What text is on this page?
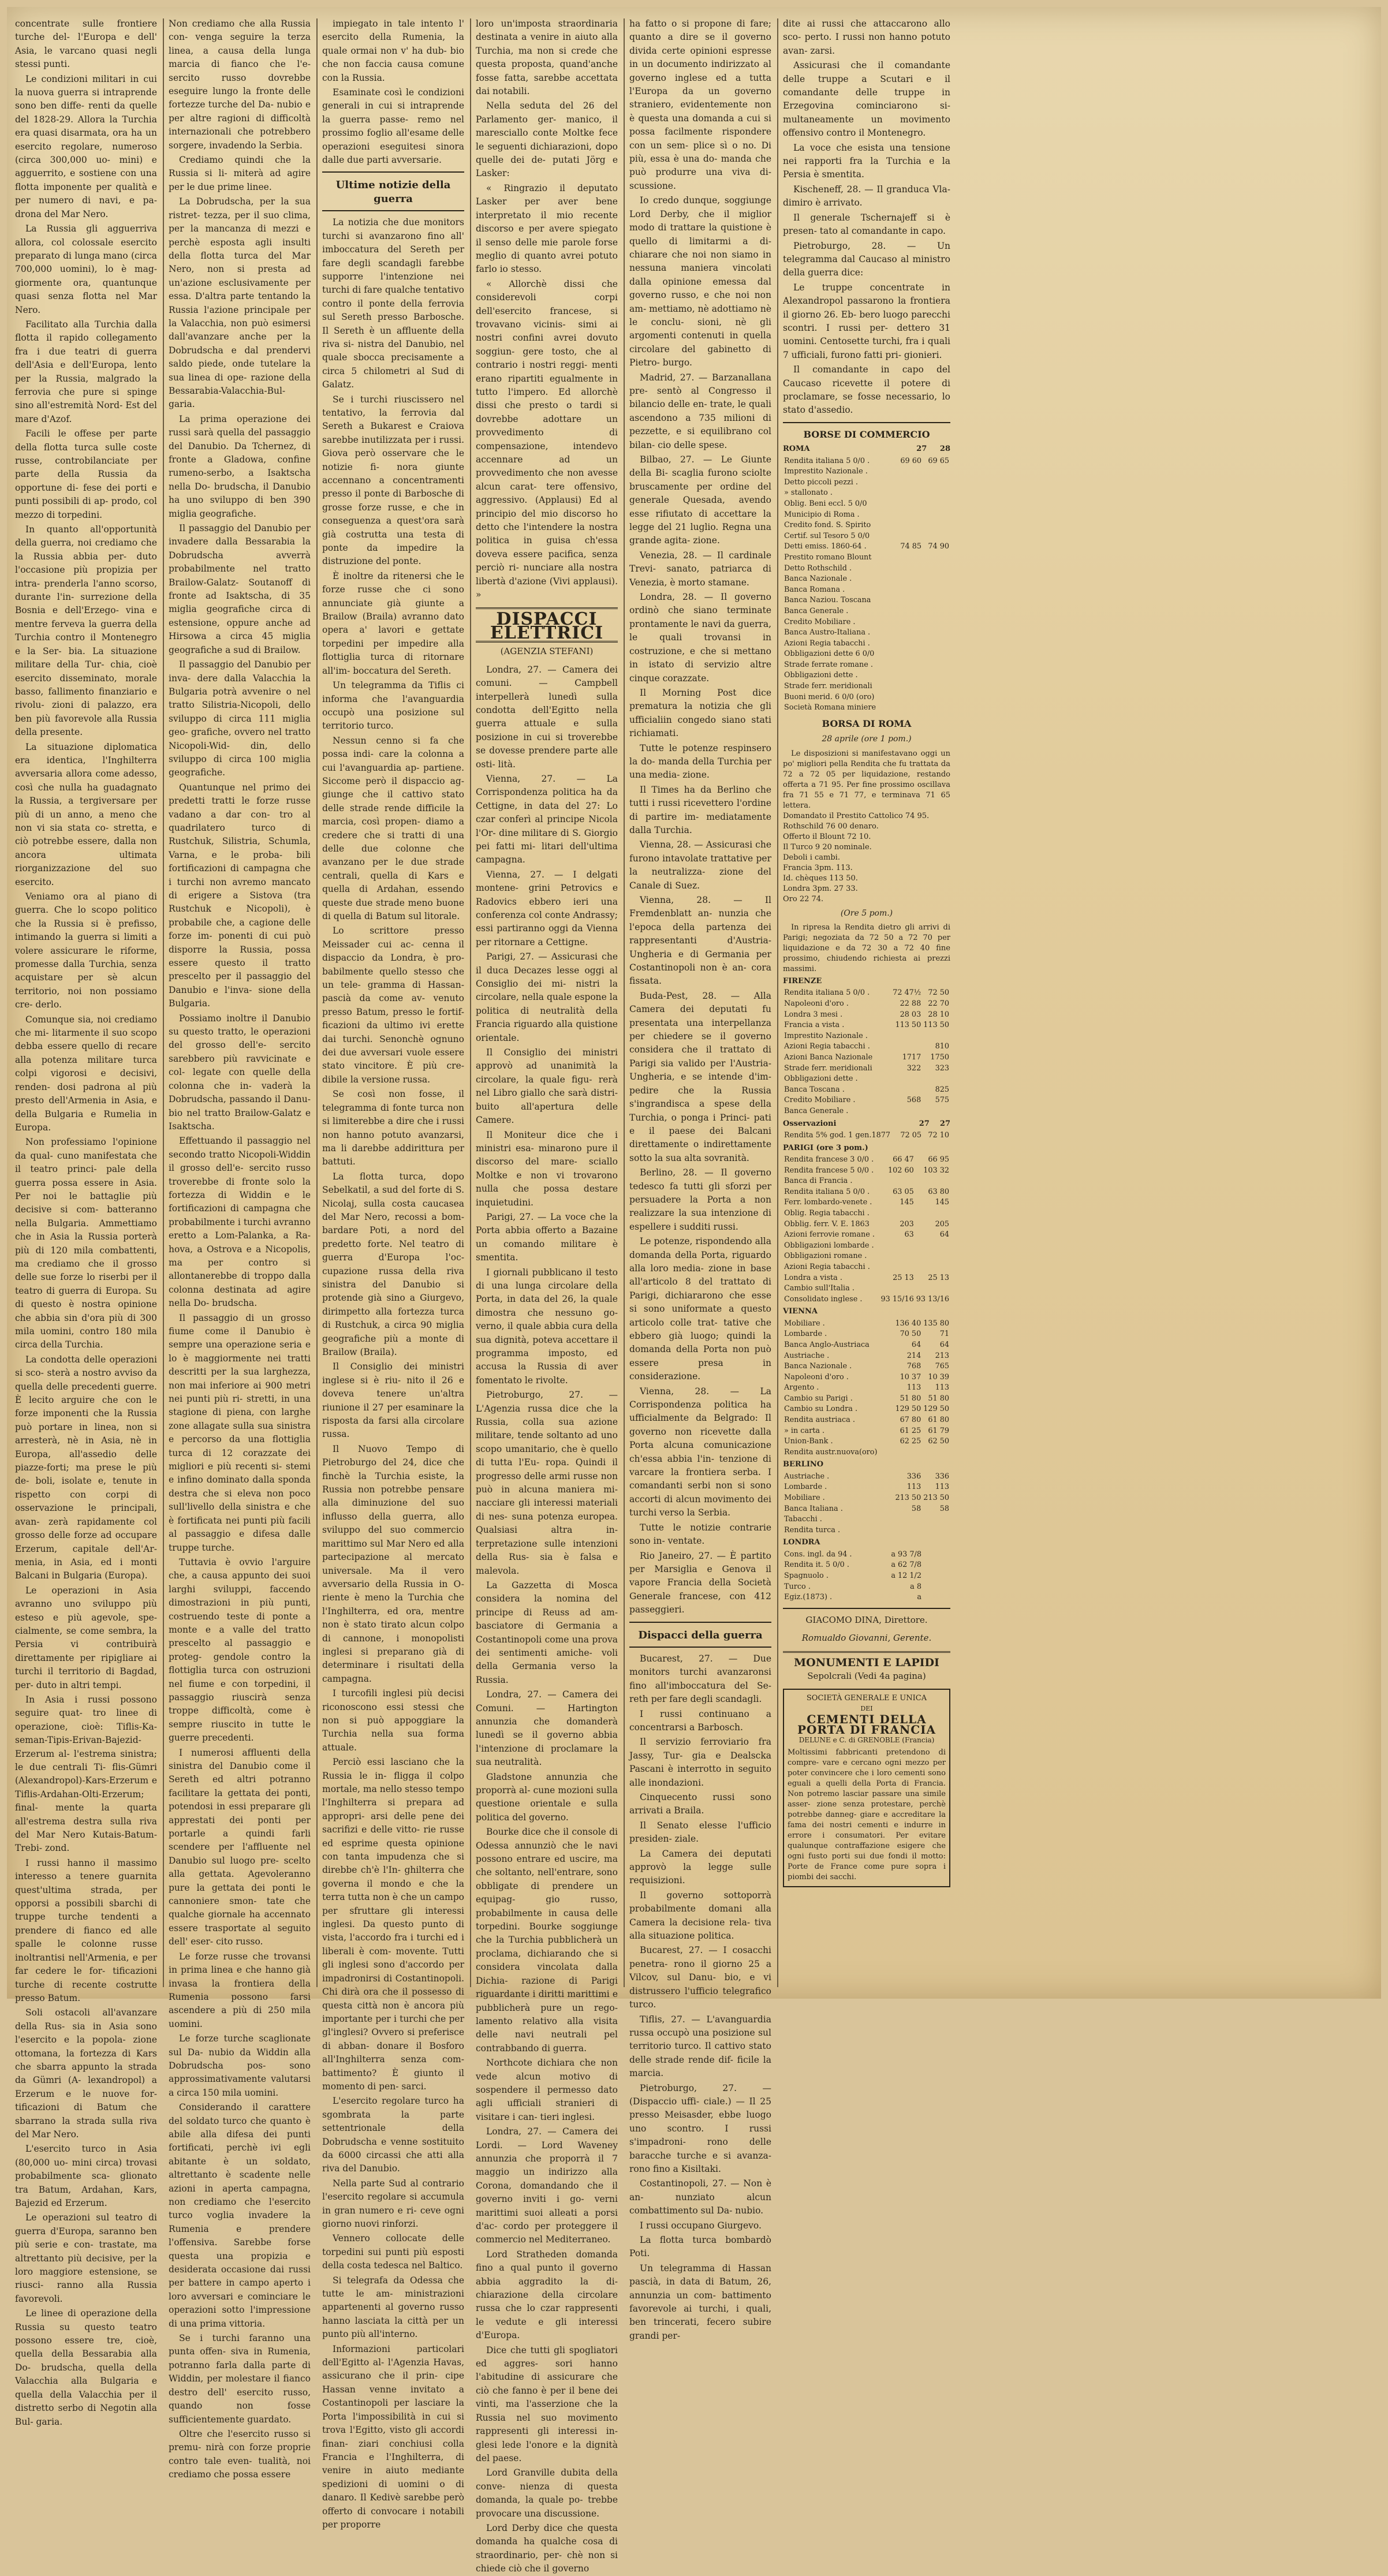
concentrate sulle frontiere turche del- l'Europa e dell' Asia, le varcano quasi negli stessi punti.

Le condizioni militari in cui la nuova guerra si intraprende sono ben diffe- renti da quelle del 1828-29. Allora la Turchia era quasi disarmata, ora ha un esercito regolare, numeroso (circa 300,000 uo- mini) e agguerrito, e sostiene con una flotta imponente per qualità e per numero di navi, e pa- drona del Mar Nero.

La Russia gli agguerriva allora, col colossale esercito preparato di lunga mano (circa 700,000 uomini), lo è mag- giormente ora, quantunque quasi senza flotta nel Mar Nero.

Facilitato alla Turchia dalla flotta il rapido collegamento fra i due teatri di guerra dell'Asia e dell'Europa, lento per la Russia, malgrado la ferrovia che pure si spinge sino all'estremità Nord- Est del mare d'Azof.

Facili le offese per parte della flotta turca sulle coste russe, controbilanciate per parte della Russia da opportune di- fese dei porti e punti possibili di ap- prodo, col mezzo di torpedini.

In quanto all'opportunità della guerra, noi crediamo che la Russia abbia per- duto l'occasione più propizia per intra- prenderla l'anno scorso, durante l'in- surrezione della Bosnia e dell'Erzego- vina e mentre ferveva la guerra della Turchia contro il Montenegro e la Ser- bia. La situazione militare della Tur- chia, cioè esercito disseminato, morale basso, fallimento finanziario e rivolu- zioni di palazzo, era ben più favorevole alla Russia della presente.

La situazione diplomatica era identica, l'Inghilterra avversaria allora come adesso, così che nulla ha guadagnato la Russia, a tergiversare per più di un anno, a meno che non vi sia stata co- stretta, e ciò potrebbe essere, dalla non ancora ultimata riorganizzazione del suo esercito.

Veniamo ora al piano di guerra. Che lo scopo politico che la Russia si è prefisso, intimando la guerra si limiti a volere assicurare le riforme, promesse dalla Turchia, senza acquistare per sè alcun territorio, noi non possiamo cre- derlo.

Comunque sia, noi crediamo che mi- litarmente il suo scopo debba essere quello di recare alla potenza militare turca colpi vigorosi e decisivi, renden- dosi padrona al più presto dell'Armenia in Asia, e della Bulgaria e Rumelia in Europa.

Non professiamo l'opinione da qual- cuno manifestata che il teatro princi- pale della guerra possa essere in Asia. Per noi le battaglie più decisive si com- batteranno nella Bulgaria. Ammettiamo che in Asia la Russia porterà più di 120 mila combattenti, ma crediamo che il grosso delle sue forze lo riserbi per il teatro di guerra di Europa. Su di questo è nostra opinione che abbia sin d'ora più di 300 mila uomini, contro 180 mila circa della Turchia.

La condotta delle operazioni si sco- sterà a nostro avviso da quella delle precedenti guerre. È lecito arguire che con le forze imponenti che la Russia può portare in linea, non si arresterà, nè in Asia, nè in Europa, all'assedio delle piazze-forti; ma prese le più de- boli, isolate e, tenute in rispetto con corpi di osservazione le principali, avan- zerà rapidamente col grosso delle forze ad occupare Erzerum, capitale dell'Ar- menia, in Asia, ed i monti Balcani in Bulgaria (Europa).

Le operazioni in Asia avranno uno sviluppo più esteso e più agevole, spe- cialmente, se come sembra, la Persia vi contribuirà direttamente per ripigliare ai turchi il territorio di Bagdad, per- duto in altri tempi.

In Asia i russi possono seguire quat- tro linee di operazione, cioè: Tiflis-Ka- seman-Tipis-Erivan-Bajezid-Erzerum al- l'estrema sinistra; le due centrali Ti- flis-Gümri (Alexandropol)-Kars-Erzerum e Tiflis-Ardahan-Olti-Erzerum; final- mente la quarta all'estrema destra sulla riva del Mar Nero Kutais-Batum-Trebi- zond.

I russi hanno il massimo interesso a tenere guarnita quest'ultima strada, per opporsi a possibili sbarchi di truppe turche tendenti a prendere di fianco ed alle spalle le colonne russe inoltrantisi nell'Armenia, e per far cedere le for- tificazioni turche di recente costrutte presso Batum.

Soli ostacoli all'avanzare della Rus- sia in Asia sono l'esercito e la popola- zione ottomana, la fortezza di Kars che sbarra appunto la strada da Gümri (A- lexandropol) a Erzerum e le nuove for- tificazioni di Batum che sbarrano la strada sulla riva del Mar Nero.

L'esercito turco in Asia (80,000 uo- mini circa) trovasi probabilmente sca- glionato tra Batum, Ardahan, Kars, Bajezid ed Erzerum.

Le operazioni sul teatro di guerra d'Europa, saranno ben più serie e con- trastate, ma altrettanto più decisive, per la loro maggiore estensione, se riusci- ranno alla Russia favorevoli.

Le linee di operazione della Russia su questo teatro possono essere tre, cioè, quella della Bessarabia alla Do- brudscha, quella della Valacchia alla Bulgaria e quella della Valacchia per il distretto serbo di Negotin alla Bul- garia.

Non crediamo che alla Russia con- venga seguire la terza linea, a causa della lunga marcia di fianco che l'e- sercito russo dovrebbe eseguire lungo la fronte delle fortezze turche del Da- nubio e per altre ragioni di difficoltà internazionali che potrebbero sorgere, invadendo la Serbia.

Crediamo quindi che la Russia si li- miterà ad agire per le due prime linee.

La Dobrudscha, per la sua ristret- tezza, per il suo clima, per la mancanza di mezzi e perchè esposta agli insulti della flotta turca del Mar Nero, non si presta ad un'azione esclusivamente per essa. D'altra parte tentando la Russia l'azione principale per la Valacchia, non può esimersi dall'avanzare anche per la Dobrudscha e dal prendervi saldo piede, onde tutelare la sua linea di ope- razione della Bessarabia-Valacchia-Bul- garia.

La prima operazione dei russi sarà quella del passaggio del Danubio. Da Tchernez, di fronte a Gladowa, confine rumeno-serbo, a Isaktscha nella Do- brudscha, il Danubio ha uno sviluppo di ben 390 miglia geografiche.

Il passaggio del Danubio per invadere dalla Bessarabia la Dobrudscha avverrà probabilmente nel tratto Brailow-Galatz- Soutanoff di fronte ad Isaktscha, di 35 miglia geografiche circa di estensione, oppure anche ad Hirsowa a circa 45 miglia geografiche a sud di Brailow.

Il passaggio del Danubio per inva- dere dalla Valacchia la Bulgaria potrà avvenire o nel tratto Silistria-Nicopoli, dello sviluppo di circa 111 miglia geo- grafiche, ovvero nel tratto Nicopoli-Wid- din, dello sviluppo di circa 100 miglia geografiche.

Quantunque nel primo dei predetti tratti le forze russe vadano a dar con- tro al quadrilatero turco di Rustchuk, Silistria, Schumla, Varna, e le proba- bili fortificazioni di campagna che i turchi non avremo mancato di erigere a Sistova (tra Rustchuk e Nicopoli), è probabile che, a cagione delle forze im- ponenti di cui può disporre la Russia, possa essere questo il tratto prescelto per il passaggio del Danubio e l'inva- sione della Bulgaria.

Possiamo inoltre il Danubio su questo tratto, le operazioni del grosso dell'e- sercito sarebbero più ravvicinate e col- legate con quelle della colonna che in- vaderà la Dobrudscha, passando il Danu- bio nel tratto Brailow-Galatz e Isaktscha.

Effettuando il passaggio nel secondo tratto Nicopoli-Widdin il grosso dell'e- sercito russo troverebbe di fronte solo la fortezza di Widdin e le fortificazioni di campagna che probabilmente i turchi avranno eretto a Lom-Palanka, a Ra- hova, a Ostrova e a Nicopolis, ma per contro si allontanerebbe di troppo dalla colonna destinata ad agire nella Do- brudscha.

Il passaggio di un grosso fiume come il Danubio è sempre una operazione seria e lo è maggiormente nei tratti descritti per la sua larghezza, non mai inferiore ai 900 metri nei punti più ri- stretti, in una stagione di piena, con larghe zone allagate sulla sua sinistra e percorso da una flottiglia turca di 12 corazzate dei migliori e più recenti si- stemi e infino dominato dalla sponda destra che si eleva non poco sull'livello della sinistra e che è fortificata nei punti più facili al passaggio e difesa dalle truppe turche.

Tuttavia è ovvio l'arguire che, a causa appunto dei suoi larghi sviluppi, faccendo dimostrazioni in più punti, costruendo teste di ponte a monte e a valle del tratto prescelto al passaggio e proteg- gendole contro la flottiglia turca con ostruzioni nel fiume e con torpedini, il passaggio riuscirà senza troppe difficoltà, come è sempre riuscito in tutte le guerre precedenti.

I numerosi affluenti della sinistra del Danubio come il Sereth ed altri potranno facilitare la gettata dei ponti, potendosi in essi preparare gli apprestati dei ponti per portarle a quindi farli scendere per l'affluente nel Danubio sul luogo pre- scelto alla gettata. Agevoleranno pure la gettata dei ponti le cannoniere smon- tate che qualche giornale ha accennato essere trasportate al seguito dell' eser- cito russo.

Le forze russe che trovansi in prima linea e che hanno già invasa la frontiera della Rumenia possono farsi ascendere a più di 250 mila uomini.

Le forze turche scaglionate sul Da- nubio da Widdin alla Dobrudscha pos- sono approssimativamente valutarsi a circa 150 mila uomini.

Considerando il carattere del soldato turco che quanto è abile alla difesa dei punti fortificati, perchè ivi egli abitante è un soldato, altrettanto è scadente nelle azioni in aperta campagna, non crediamo che l'esercito turco voglia invadere la Rumenia e prendere l'offensiva. Sarebbe forse questa una propizia e desiderata occasione dai russi per battere in campo aperto i loro avversari e cominciare le operazioni sotto l'impressione di una prima vittoria.

Se i turchi faranno una punta offen- siva in Rumenia, potranno farla dalla parte di Widdin, per molestare il fianco destro dell' esercito russo, quando non fosse sufficientemente guardato.

Oltre che l'esercito russo si premu- nirà con forze proprie contro tale even- tualità, noi crediamo che possa essere

impiegato in tale intento l' esercito della Rumenia, la quale ormai non v' ha dub- bio che non faccia causa comune con la Russia.

Esaminate così le condizioni generali in cui si intraprende la guerra passe- remo nel prossimo foglio all'esame delle operazioni eseguitesi sinora dalle due parti avversarie.

Ultime notizie della guerra

La notizia che due monitors turchi si avanzarono fino all' imboccatura del Sereth per fare degli scandagli farebbe supporre l'intenzione nei turchi di fare qualche tentativo contro il ponte della ferrovia sul Sereth presso Barbosche. Il Sereth è un affluente della riva si- nistra del Danubio, nel quale sbocca precisamente a circa 5 chilometri al Sud di Galatz.

Se i turchi riuscissero nel tentativo, la ferrovia dal Sereth a Bukarest e Craiova sarebbe inutilizzata per i russi. Giova però osservare che le notizie fi- nora giunte accennano a concentramenti presso il ponte di Barbosche di grosse forze russe, e che in conseguenza a quest'ora sarà già costrutta una testa di ponte da impedire la distruzione del ponte.

È inoltre da ritenersi che le forze russe che ci sono annunciate già giunte a Brailow (Braila) avranno dato opera a' lavori e gettate torpedini per impedire alla flottiglia turca di ritornare all'im- boccatura del Sereth.

Un telegramma da Tiflis ci informa che l'avanguardia occupò una posizione sul territorio turco.

Nessun cenno si fa che possa indi- care la colonna a cui l'avanguardia ap- partiene. Siccome però il dispaccio ag- giunge che il cattivo stato delle strade rende difficile la marcia, così propen- diamo a credere che si tratti di una delle due colonne che avanzano per le due strade centrali, quella di Kars e quella di Ardahan, essendo queste due strade meno buone di quella di Batum sul litorale.

Lo scrittore presso Meissader cui ac- cenna il dispaccio da Londra, è pro- babilmente quello stesso che un tele- gramma di Hassan-pascià da come av- venuto presso Batum, presso le fortif- ficazioni da ultimo ivi erette dai turchi. Senonchè ognuno dei due avversari vuole essere stato vincitore. È più cre- dibile la versione russa.

Se così non fosse, il telegramma di fonte turca non si limiterebbe a dire che i russi non hanno potuto avanzarsi, ma li darebbe addirittura per battuti.

La flotta turca, dopo Sebelkatil, a sud del forte di S. Nicolaj, sulla costa caucasea del Mar Nero, recossi a bom- bardare Poti, a nord del predetto forte. Nel teatro di guerra d'Europa l'oc- cupazione russa della riva sinistra del Danubio si protende già sino a Giurgevo, dirimpetto alla fortezza turca di Rustchuk, a circa 90 miglia geografiche più a monte di Brailow (Braila).

Il Consiglio dei ministri inglese si è riu- nito il 26 e doveva tenere un'altra riunione il 27 per esaminare la risposta da farsi alla circolare russa.

Il Nuovo Tempo di Pietroburgo del 24, dice che finchè la Turchia esiste, la Russia non potrebbe pensare alla diminuzione del suo influsso della guerra, allo sviluppo del suo commercio marittimo sul Mar Nero ed alla partecipazione al mercato universale. Ma il vero avversario della Russia in O- riente è meno la Turchia che l'Inghilterra, ed ora, mentre non è stato tirato alcun colpo di cannone, i monopolisti inglesi si preparano già di determinare i risultati della campagna.

I turcofili inglesi più decisi riconoscono essi stessi che non si può appoggiare la Turchia nella sua forma attuale.

Perciò essi lasciano che la Russia le in- fligga il colpo mortale, ma nello stesso tempo l'Inghilterra si prepara ad appropri- arsi delle pene dei sacrifizi e delle vitto- rie russe ed esprime questa opinione con tanta impudenza che si direbbe ch'è l'In- ghilterra che governa il mondo e che la terra tutta non è che un campo per sfruttare gli interessi inglesi. Da questo punto di vista, l'accordo fra i turchi ed i liberali è com- movente. Tutti gli inglesi sono d'accordo per impadronirsi di Costantinopoli. Chi dirà ora che il possesso di questa città non è ancora più importante per i turchi che per gl'inglesi? Ovvero si preferisce di abban- donare il Bosforo all'Inghilterra senza com- battimento? È giunto il momento di pen- sarci.

L'esercito regolare turco ha sgombrata la parte settentrionale della Dobrudscha e venne sostituito da 6000 circassi che atti alla riva del Danubio.

Nella parte Sud al contrario l'esercito regolare si accumula in gran numero e ri- ceve ogni giorno nuovi rinforzi.

Vennero collocate delle torpedini sui punti più esposti della costa tedesca nel Baltico.

Si telegrafa da Odessa che tutte le am- ministrazioni appartenenti al governo russo hanno lasciata la città per un punto più all'interno.

Informazioni particolari dell'Egitto al- l'Agenzia Havas, assicurano che il prin- cipe Hassan venne invitato a Costantinopoli per lasciare la Porta l'impossibilità in cui si trova l'Egitto, visto gli accordi finan- ziari conchiusi colla Francia e l'Inghilterra, di venire in aiuto mediante spedizioni di uomini o di danaro. Il Kedivè sarebbe però offerto di convocare i notabili per proporre

loro un'imposta straordinaria destinata a venire in aiuto alla Turchia, ma non si crede che questa proposta, quand'anche fosse fatta, sarebbe accettata dai notabili.

Nella seduta del 26 del Parlamento ger- manico, il maresciallo conte Moltke fece le seguenti dichiarazioni, dopo quelle dei de- putati Jörg e Lasker:

« Ringrazio il deputato Lasker per aver bene interpretato il mio recente discorso e per avere spiegato il senso delle mie parole forse meglio di quanto avrei potuto farlo io stesso.

« Allorchè dissi che considerevoli corpi dell'esercito francese, si trovavano vicinis- simi ai nostri confini avrei dovuto soggiun- gere tosto, che al contrario i nostri reggi- menti erano ripartiti egualmente in tutto l'impero. Ed allorchè dissi che presto o tardi si dovrebbe adottare un provvedimento di compensazione, intendevo accennare ad un provvedimento che non avesse alcun carat- tere offensivo, aggressivo. (Applausi) Ed al principio del mio discorso ho detto che l'intendere la nostra politica in guisa ch'essa doveva essere pacifica, senza perciò ri- nunciare alla nostra libertà d'azione (Vivi applausi). »

DISPACCI ELETTRICI
(AGENZIA STEFANI)

Londra, 27. — Camera dei comuni. — Campbell interpellerà lunedì sulla condotta dell'Egitto nella guerra attuale e sulla posizione in cui si troverebbe se dovesse prendere parte alle osti- lità.

Vienna, 27. — La Corrispondenza politica ha da Cettigne, in data del 27: Lo czar conferì al principe Nicola l'Or- dine militare di S. Giorgio pei fatti mi- litari dell'ultima campagna.

Vienna, 27. — I delgati montene- grini Petrovics e Radovics ebbero ieri una conferenza col conte Andrassy; essi partiranno oggi da Vienna per ritornare a Cettigne.

Parigi, 27. — Assicurasi che il duca Decazes lesse oggi al Consiglio dei mi- nistri la circolare, nella quale espone la politica di neutralità della Francia riguardo alla quistione orientale.

Il Consiglio dei ministri approvò ad unanimità la circolare, la quale figu- rerà nel Libro giallo che sarà distri- buito all'apertura delle Camere.

Il Moniteur dice che i ministri esa- minarono pure il discorso del mare- sciallo Moltke e non vi trovarono nulla che possa destare inquietudini.

Parigi, 27. — La voce che la Porta abbia offerto a Bazaine un comando militare è smentita.

I giornali pubblicano il testo di una lunga circolare della Porta, in data del 26, la quale dimostra che nessuno go- verno, il quale abbia cura della sua dignità, poteva accettare il programma imposto, ed accusa la Russia di aver fomentato le rivolte.

Pietroburgo, 27. — L'Agenzia russa dice che la Russia, colla sua azione militare, tende soltanto ad uno scopo umanitario, che è quello di tutta l'Eu- ropa. Quindi il progresso delle armi russe non può in alcuna maniera mi- nacciare gli interessi materiali di nes- suna potenza europea. Qualsiasi altra in- terpretazione sulle intenzioni della Rus- sia è falsa e malevola.

La Gazzetta di Mosca considera la nomina del principe di Reuss ad am- basciatore di Germania a Costantinopoli come una prova dei sentimenti amiche- voli della Germania verso la Russia.

Londra, 27. — Camera dei Comuni. — Hartington annunzia che domanderà lunedì se il governo abbia l'intenzione di proclamare la sua neutralità.

Gladstone annunzia che proporrà al- cune mozioni sulla questione orientale e sulla politica del governo.

Bourke dice che il console di Odessa annunziò che le navi possono entrare ed uscire, ma che soltanto, nell'entrare, sono obbligate di prendere un equipag- gio russo, probabilmente in causa delle torpedini. Bourke soggiunge che la Turchia pubblicherà un proclama, dichiarando che si considera vincolata dalla Dichia- razione di Parigi riguardante i diritti marittimi e pubblicherà pure un rego- lamento relativo alla visita delle navi neutrali pel contrabbando di guerra.

Northcote dichiara che non vede alcun motivo di sospendere il permesso dato agli ufficiali stranieri di visitare i can- tieri inglesi.

Londra, 27. — Camera dei Lordi. — Lord Waveney annunzia che proporrà il 7 maggio un indirizzo alla Corona, domandando che il governo inviti i go- verni marittimi suoi alleati a porsi d'ac- cordo per proteggere il commercio nel Mediterraneo.

Lord Stratheden domanda fino a qual punto il governo abbia aggradito la di- chiarazione della circolare russa che lo czar rappresenti le vedute e gli interessi d'Europa.

Dice che tutti gli spogliatori ed aggres- sori hanno l'abitudine di assicurare che ciò che fanno è per il bene dei vinti, ma l'asserzione che la Russia nel suo movimento rappresenti gli interessi in- glesi lede l'onore e la dignità del paese.

Lord Granville dubita della conve- nienza di questa domanda, la quale po- trebbe provocare una discussione.

Lord Derby dice che questa domanda ha qualche cosa di straordinario, per- chè non si chiede ciò che il governo

ha fatto o si propone di fare; quanto a dire se il governo divida certe opinioni espresse in un documento indirizzato al governo inglese ed a tutta l'Europa da un governo straniero, evidentemente non è questa una domanda a cui si possa facilmente rispondere con un sem- plice sì o no. Di più, essa è una do- manda che può produrre una viva di- scussione.

Io credo dunque, soggiunge Lord Derby, che il miglior modo di trattare la quistione è quello di limitarmi a di- chiarare che noi non siamo in nessuna maniera vincolati dalla opinione emessa dal governo russo, e che noi non am- mettiamo, nè adottiamo nè le conclu- sioni, nè gli argomenti contenuti in quella circolare del gabinetto di Pietro- burgo.

Madrid, 27. — Barzanallana pre- sentò al Congresso il bilancio delle en- trate, le quali ascendono a 735 milioni di pezzette, e si equilibrano col bilan- cio delle spese.

Bilbao, 27. — Le Giunte della Bi- scaglia furono sciolte bruscamente per ordine del generale Quesada, avendo esse rifiutato di accettare la legge del 21 luglio. Regna una grande agita- zione.

Venezia, 28. — Il cardinale Trevi- sanato, patriarca di Venezia, è morto stamane.

Londra, 28. — Il governo ordinò che siano terminate prontamente le navi da guerra, le quali trovansi in costruzione, e che si mettano in istato di servizio altre cinque corazzate.

Il Morning Post dice prematura la notizia che gli ufficialiin congedo siano stati richiamati.

Tutte le potenze respinsero la do- manda della Turchia per una media- zione.

Il Times ha da Berlino che tutti i russi ricevettero l'ordine di partire im- mediatamente dalla Turchia.

Vienna, 28. — Assicurasi che furono intavolate trattative per la neutralizza- zione del Canale di Suez.

Vienna, 28. — Il Fremdenblatt an- nunzia che l'epoca della partenza dei rappresentanti d'Austria-Ungheria e di Germania per Costantinopoli non è an- cora fissata.

Buda-Pest, 28. — Alla Camera dei deputati fu presentata una interpellanza per chiedere se il governo considera che il trattato di Parigi sia valido per l'Austria-Ungheria, e se intende d'im- pedire che la Russia s'ingrandisca a spese della Turchia, o ponga i Princi- pati e il paese dei Balcani direttamente o indirettamente sotto la sua alta sovranità.

Berlino, 28. — Il governo tedesco fa tutti gli sforzi per persuadere la Porta a non realizzare la sua intenzione di espellere i sudditi russi.

Le potenze, rispondendo alla domanda della Porta, riguardo alla loro media- zione in base all'articolo 8 del trattato di Parigi, dichiararono che esse si sono uniformate a questo articolo colle trat- tative che ebbero già luogo; quindi la domanda della Porta non può essere presa in considerazione.

Vienna, 28. — La Corrispondenza politica ha ufficialmente da Belgrado: Il governo non ricevette dalla Porta alcuna comunicazione ch'essa abbia l'in- tenzione di varcare la frontiera serba. I comandanti serbi non si sono accorti di alcun movimento dei turchi verso la Serbia.

Tutte le notizie contrarie sono in- ventate.

Rio Janeiro, 27. — È partito per Marsiglia e Genova il vapore Francia della Società Generale francese, con 412 passeggieri.

Dispacci della guerra

Bucarest, 27. — Due monitors turchi avanzaronsi fino all'imboccatura del Se- reth per fare degli scandagli.

I russi continuano a concentrarsi a Barbosch.

Il servizio ferroviario fra Jassy, Tur- gia e Dealscka Pascani è interrotto in seguito alle inondazioni.

Cinquecento russi sono arrivati a Braila.

Il Senato elesse l'ufficio presiden- ziale.

La Camera dei deputati approvò la legge sulle requisizioni.

Il governo sottoporrà probabilmente domani alla Camera la decisione rela- tiva alla situazione politica.

Bucarest, 27. — I cosacchi penetra- rono il giorno 25 a Vilcov, sul Danu- bio, e vi distrussero l'ufficio telegrafico turco.

Tiflis, 27. — L'avanguardia russa occupò una posizione sul territorio turco. Il cattivo stato delle strade rende dif- ficile la marcia.

Pietroburgo, 27. — (Dispaccio uffi- ciale.) — Il 25 presso Meisasder, ebbe luogo uno scontro. I russi s'impadroni- rono delle baracche turche e si avanza- rono fino a Kisiltaki.

Costantinopoli, 27. — Non è an- nunziato alcun combattimento sul Da- nubio.

I russi occupano Giurgevo.

La flotta turca bombardò Poti.

Un telegramma di Hassan pascià, in data di Batum, 26, annunzia un com- battimento favorevole ai turchi, i quali, ben trincerati, fecero subire grandi per-

dite ai russi che attaccarono allo sco- perto. I russi non hanno potuto avan- zarsi.

Assicurasi che il comandante delle truppe a Scutari e il comandante delle truppe in Erzegovina cominciarono si- multaneamente un movimento offensivo contro il Montenegro.

La voce che esista una tensione nei rapporti fra la Turchia e la Persia è smentita.

Kischeneff, 28. — Il granduca Vla- dimiro è arrivato.

Il generale Tschernajeff si è presen- tato al comandante in capo.

Pietroburgo, 28. — Un telegramma dal Caucaso al ministro della guerra dice:

Le truppe concentrate in Alexandropol passarono la frontiera il giorno 26. Eb- bero luogo parecchi scontri. I russi per- dettero 31 uomini. Centosette turchi, fra i quali 7 ufficiali, furono fatti pri- gionieri.

Il comandante in capo del Caucaso ricevette il potere di proclamare, se fosse necessario, lo stato d'assedio.

BORSE DI COMMERCIO
ROMA	27 28
Rendita italiana 5 0/0 .	69 60	69 65
Imprestito Nazionale .		
Detto piccoli pezzi .		
» stallonato .		
Oblig. Beni eccl. 5 0/0		
Municipio di Roma .		
Credito fond. S. Spirito		
Certif. sul Tesoro 5 0/0		
Detti emiss. 1860-64 .	74 85	74 90
Prestito romano Blount		
Detto Rothschild .		
Banca Nazionale .		
Banca Romana .		
Banca Naziou. Toscana		
Banca Generale .		
Credito Mobiliare .		
Banca Austro-Italiana .		
Azioni Regia tabacchi .		
Obbligazioni dette 6 0/0		
Strade ferrate romane .		
Obbligazioni dette .		
Strade ferr. meridionali		
Buoni merid. 6 0/0 (oro)		
Società Romana miniere		
BORSA DI ROMA
28 aprile (ore 1 pom.)
Le disposizioni si manifestavano oggi un po' migliori pella Rendita che fu trattata da 72 a 72 05 per liquidazione, restando offerta a 71 95. Per fine prossimo oscillava fra 71 55 e 71 77, e terminava 71 65 lettera.
Domandato il Prestito Cattolico 74 95.
Rothschild 76 00 denaro.
Offerto il Blount 72 10.
Il Turco 9 20 nominale.
Deboli i cambi.
Francia 3pm. 113.
Id. chèques 113 50.
Londra 3pm. 27 33.
Oro 22 74.
(Ore 5 pom.)
In ripresa la Rendita dietro gli arrivi di Parigi; negoziata da 72 50 a 72 70 per liquidazione e da 72 30 a 72 40 fine prossimo, chiudendo richiesta ai prezzi massimi.
FIRENZE
Rendita italiana 5 0/0 .	72 47½	72 50
Napoleoni d'oro .	22 88	22 70
Londra 3 mesi .	28 03	28 10
Francia a vista .	113 50	113 50
Imprestito Nazionale .		
Azioni Regia tabacchi .		810
Azioni Banca Nazionale	1717	1750
Strade ferr. meridionali	322	323
Obbligazioni dette .		
Banca Toscana .		825
Credito Mobiliare .	568	575
Banca Generale .		
Osservazioni	27 27
Rendita 5% god. 1 gen.1877	72 05	72 10
PARIGI (ore 3 pom.)
Rendita francese 3 0/0 .	66 47	66 95
Rendita francese 5 0/0 .	102 60	103 32
Banca di Francia .		
Rendita italiana 5 0/0 .	63 05	63 80
Ferr. lombardo-venete .	145	145
Oblig. Regia tabacchi .		
Obblig. ferr. V. E. 1863	203	205
Azioni ferrovie romane .	63	64
Obbligazioni lombarde .		
Obbligazioni romane .		
Azioni Regia tabacchi .		
Londra a vista .	25 13	25 13
Cambio sull'Italia .		
Consolidato inglese .	93 15/16	93 13/16
VIENNA
Mobiliare .	136 40	135 80
Lombarde .	70 50	71
Banca Anglo-Austriaca	64	64
Austriache .	214	213
Banca Nazionale .	768	765
Napoleoni d'oro .	10 37	10 39
Argento .	113	113
Cambio su Parigi .	51 80	51 80
Cambio su Londra .	129 50	129 50
Rendita austriaca .	67 80	61 80
» in carta .	61 25	61 79
Union-Bank .	62 25	62 50
Rendita austr.nuova(oro)		
BERLINO
Austriache .	336	336
Lombarde .	113	113
Mobiliare .	213 50	213 50
Banca Italiana .	58	58
Tabacchi .		
Rendita turca .		
LONDRA
Cons. ingl. da 94 .	a 93 7/8	
Rendita it. 5 0/0 .	a 62 7/8	
Spagnuolo .	a 12 1/2	
Turco .	a 8	
Egiz.(1873) .	a	
GIACOMO DINA, Direttore.
Romualdo Giovanni, Gerente.
MONUMENTI E LAPIDI
Sepolcrali (Vedi 4a pagina)
SOCIETÀ GENERALE E UNICA
DEI
CEMENTI DELLA PORTA DI FRANCIA
DELUNE e C. di GRENOBLE (Francia)
Moltissimi fabbricanti pretendono di compre- vare e cercano ogni mezzo per poter convincere che i loro cementi sono eguali a quelli della Porta di Francia. Non potremo lasciar passare una simile asser- zione senza protestare, perchè potrebbe danneg- giare e accreditare la fama dei nostri cementi e indurre in errore i consumatori. Per evitare qualunque contraffazione esigere che ogni fusto porti sui due fondi il motto: Porte de France come pure sopra i piombi dei sacchi.
